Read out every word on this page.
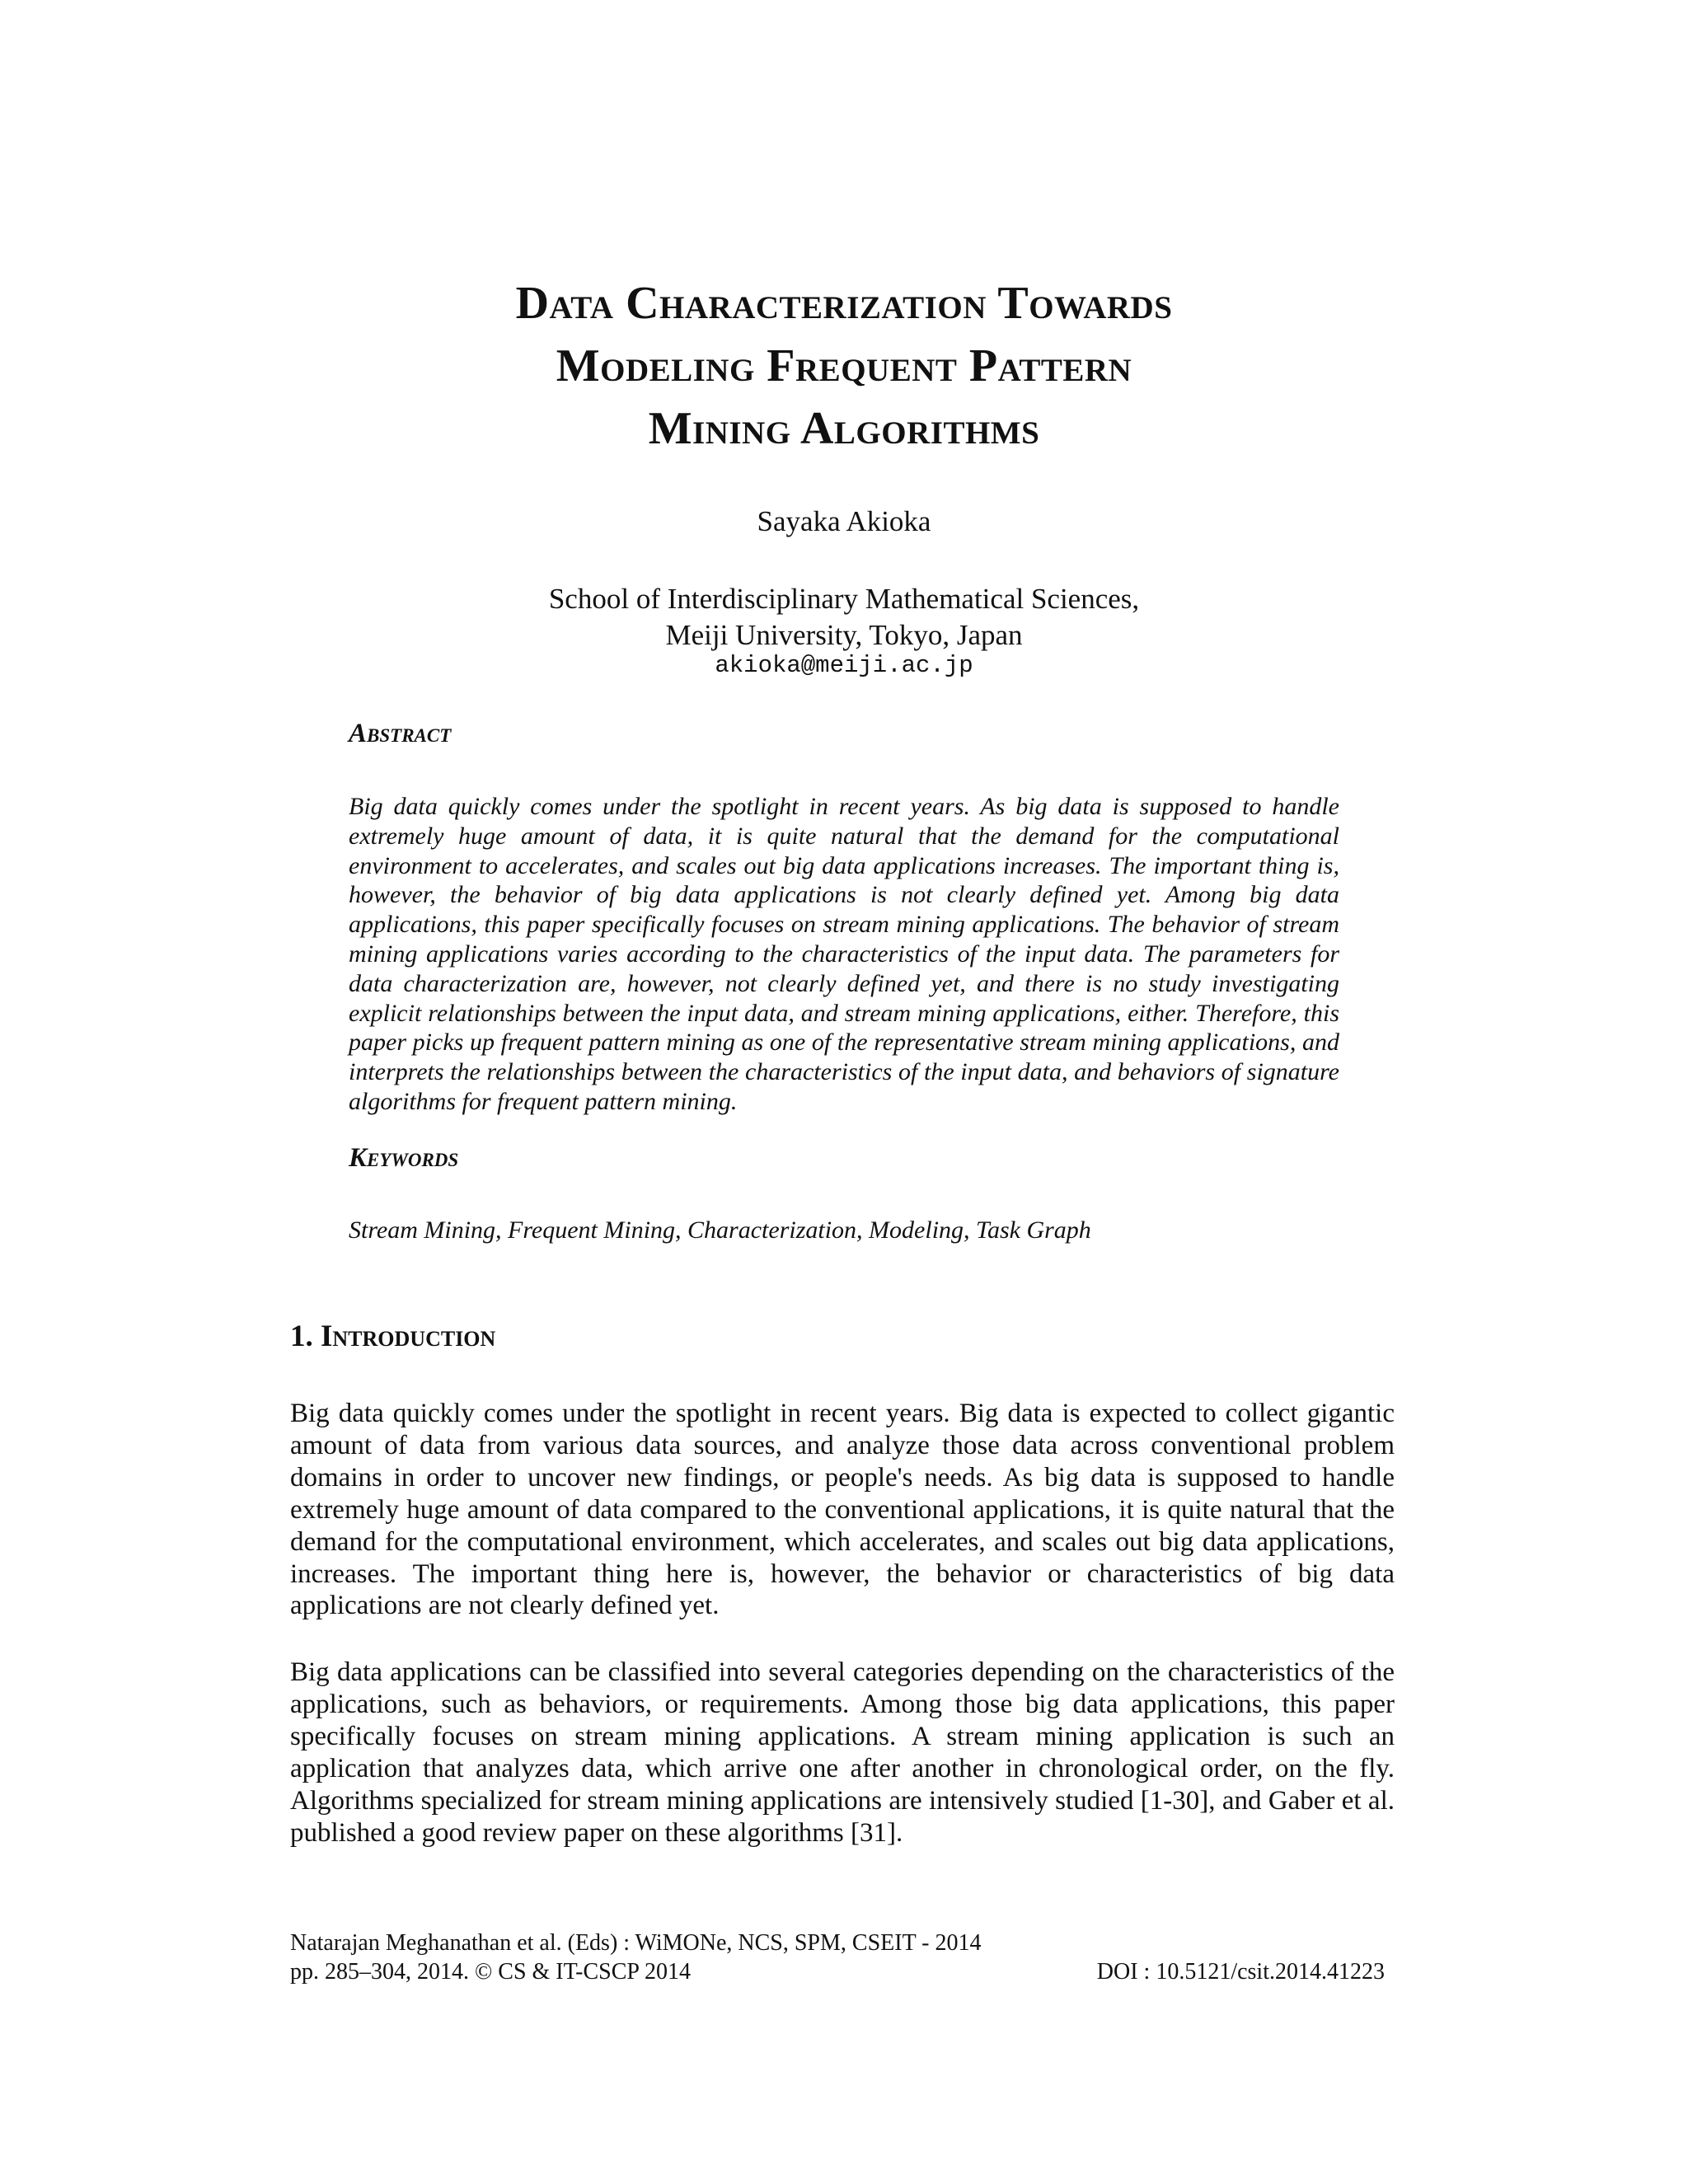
Data Characterization Towards
Modeling Frequent Pattern
Mining Algorithms
Sayaka Akioka
School of Interdisciplinary Mathematical Sciences,
Meiji University, Tokyo, Japan
akioka@meiji.ac.jp
Abstract
Big data quickly comes under the spotlight in recent years. As big data is supposed to handle extremely huge amount of data, it is quite natural that the demand for the computational environment to accelerates, and scales out big data applications increases. The important thing is, however, the behavior of big data applications is not clearly defined yet. Among big data applications, this paper specifically focuses on stream mining applications. The behavior of stream mining applications varies according to the characteristics of the input data. The parameters for data characterization are, however, not clearly defined yet, and there is no study investigating explicit relationships between the input data, and stream mining applications, either. Therefore, this paper picks up frequent pattern mining as one of the representative stream mining applications, and interprets the relationships between the characteristics of the input data, and behaviors of signature algorithms for frequent pattern mining.
Keywords
Stream Mining, Frequent Mining, Characterization, Modeling, Task Graph
1. Introduction
Big data quickly comes under the spotlight in recent years. Big data is expected to collect gigantic amount of data from various data sources, and analyze those data across conventional problem domains in order to uncover new findings, or people's needs. As big data is supposed to handle extremely huge amount of data compared to the conventional applications, it is quite natural that the demand for the computational environment, which accelerates, and scales out big data applications, increases. The important thing here is, however, the behavior or characteristics of big data applications are not clearly defined yet.
Big data applications can be classified into several categories depending on the characteristics of the applications, such as behaviors, or requirements. Among those big data applications, this paper specifically focuses on stream mining applications. A stream mining application is such an application that analyzes data, which arrive one after another in chronological order, on the fly. Algorithms specialized for stream mining applications are intensively studied [1-30], and Gaber et al. published a good review paper on these algorithms [31].
Natarajan Meghanathan et al. (Eds) : WiMONe, NCS, SPM, CSEIT - 2014
pp. 285–304, 2014. © CS & IT-CSCP 2014	DOI : 10.5121/csit.2014.41223
